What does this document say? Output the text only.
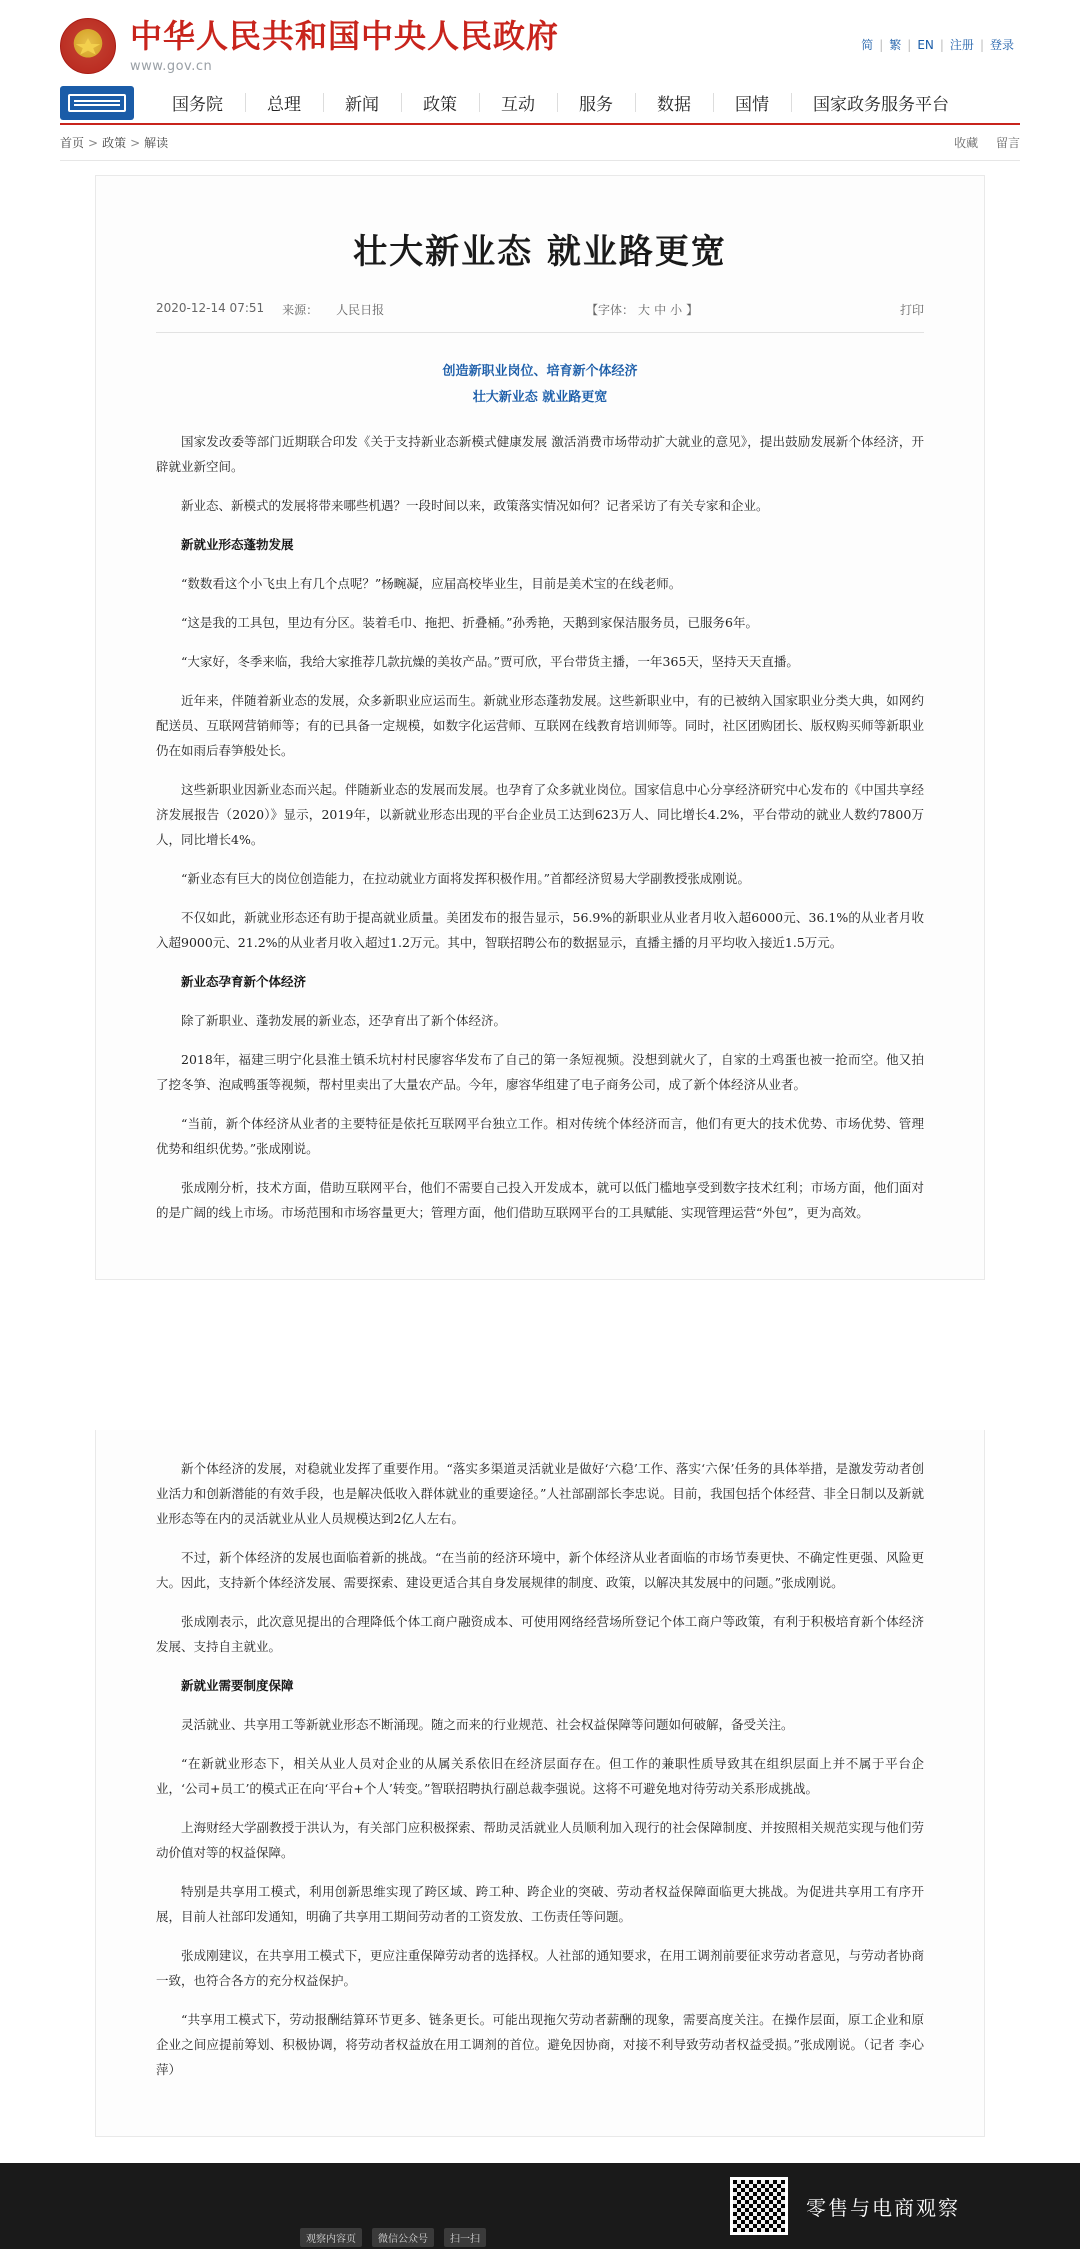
中华人民共和国中央人民政府
www.gov.cn
简 | 繁 | EN | 注册 | 登录
国务院	总理	新闻	政策	互动	服务	数据	国情	国家政务服务平台
首页 > 政策 > 解读	收藏 留言
壮大新业态 就业路更宽
2020-12-14 07:51 来源： 人民日报	【字体： 大 中 小 】	打印
创造新职业岗位、培育新个体经济
壮大新业态 就业路更宽

国家发改委等部门近期联合印发《关于支持新业态新模式健康发展 激活消费市场带动扩大就业的意见》，提出鼓励发展新个体经济，开辟就业新空间。

新业态、新模式的发展将带来哪些机遇？一段时间以来，政策落实情况如何？记者采访了有关专家和企业。

新就业形态蓬勃发展

“数数看这个小飞虫上有几个点呢？”杨畹凝，应届高校毕业生，目前是美术宝的在线老师。

“这是我的工具包，里边有分区。装着毛巾、拖把、折叠桶。”孙秀艳，天鹅到家保洁服务员，已服务6年。

“大家好，冬季来临，我给大家推荐几款抗燥的美妆产品。”贾可欣，平台带货主播，一年365天，坚持天天直播。

近年来，伴随着新业态的发展，众多新职业应运而生。新就业形态蓬勃发展。这些新职业中，有的已被纳入国家职业分类大典，如网约配送员、互联网营销师等；有的已具备一定规模，如数字化运营师、互联网在线教育培训师等。同时，社区团购团长、版权购买师等新职业仍在如雨后春笋般处长。

这些新职业因新业态而兴起。伴随新业态的发展而发展。也孕育了众多就业岗位。国家信息中心分享经济研究中心发布的《中国共享经济发展报告（2020）》显示，2019年，以新就业形态出现的平台企业员工达到623万人、同比增长4.2%，平台带动的就业人数约7800万人，同比增长4%。

“新业态有巨大的岗位创造能力，在拉动就业方面将发挥积极作用。”首都经济贸易大学副教授张成刚说。

不仅如此，新就业形态还有助于提高就业质量。美团发布的报告显示，56.9%的新职业从业者月收入超6000元、36.1%的从业者月收入超9000元、21.2%的从业者月收入超过1.2万元。其中，智联招聘公布的数据显示，直播主播的月平均收入接近1.5万元。

新业态孕育新个体经济

除了新职业、蓬勃发展的新业态，还孕育出了新个体经济。

2018年，福建三明宁化县淮土镇禾坑村村民廖容华发布了自己的第一条短视频。没想到就火了，自家的土鸡蛋也被一抢而空。他又拍了挖冬笋、泡咸鸭蛋等视频，帮村里卖出了大量农产品。今年，廖容华组建了电子商务公司，成了新个体经济从业者。

“当前，新个体经济从业者的主要特征是依托互联网平台独立工作。相对传统个体经济而言，他们有更大的技术优势、市场优势、管理优势和组织优势。”张成刚说。

张成刚分析，技术方面，借助互联网平台，他们不需要自己投入开发成本，就可以低门槛地享受到数字技术红利；市场方面，他们面对的是广阔的线上市场。市场范围和市场容量更大；管理方面，他们借助互联网平台的工具赋能、实现管理运营“外包”，更为高效。

新个体经济的发展，对稳就业发挥了重要作用。“落实多渠道灵活就业是做好‘六稳’工作、落实‘六保’任务的具体举措，是激发劳动者创业活力和创新潜能的有效手段，也是解决低收入群体就业的重要途径。”人社部副部长李忠说。目前，我国包括个体经营、非全日制以及新就业形态等在内的灵活就业从业人员规模达到2亿人左右。

不过，新个体经济的发展也面临着新的挑战。“在当前的经济环境中，新个体经济从业者面临的市场节奏更快、不确定性更强、风险更大。因此，支持新个体经济发展、需要探索、建设更适合其自身发展规律的制度、政策，以解决其发展中的问题。”张成刚说。

张成刚表示，此次意见提出的合理降低个体工商户融资成本、可使用网络经营场所登记个体工商户等政策，有利于积极培育新个体经济发展、支持自主就业。

新就业需要制度保障

灵活就业、共享用工等新就业形态不断涌现。随之而来的行业规范、社会权益保障等问题如何破解，备受关注。

“在新就业形态下，相关从业人员对企业的从属关系依旧在经济层面存在。但工作的兼职性质导致其在组织层面上并不属于平台企业，‘公司+员工’的模式正在向‘平台+个人’转变。”智联招聘执行副总裁李强说。这将不可避免地对待劳动关系形成挑战。

上海财经大学副教授于洪认为，有关部门应积极探索、帮助灵活就业人员顺利加入现行的社会保障制度、并按照相关规范实现与他们劳动价值对等的权益保障。

特别是共享用工模式，利用创新思维实现了跨区域、跨工种、跨企业的突破、劳动者权益保障面临更大挑战。为促进共享用工有序开展，目前人社部印发通知，明确了共享用工期间劳动者的工资发放、工伤责任等问题。

张成刚建议，在共享用工模式下，更应注重保障劳动者的选择权。人社部的通知要求，在用工调剂前要征求劳动者意见，与劳动者协商一致，也符合各方的充分权益保护。

“共享用工模式下，劳动报酬结算环节更多、链条更长。可能出现拖欠劳动者薪酬的现象，需要高度关注。在操作层面，原工企业和原企业之间应提前筹划、积极协调，将劳动者权益放在用工调剂的首位。避免因协商，对接不利导致劳动者权益受损。”张成刚说。（记者 李心萍）

观察内容页	微信公众号	扫一扫
零售与电商观察
